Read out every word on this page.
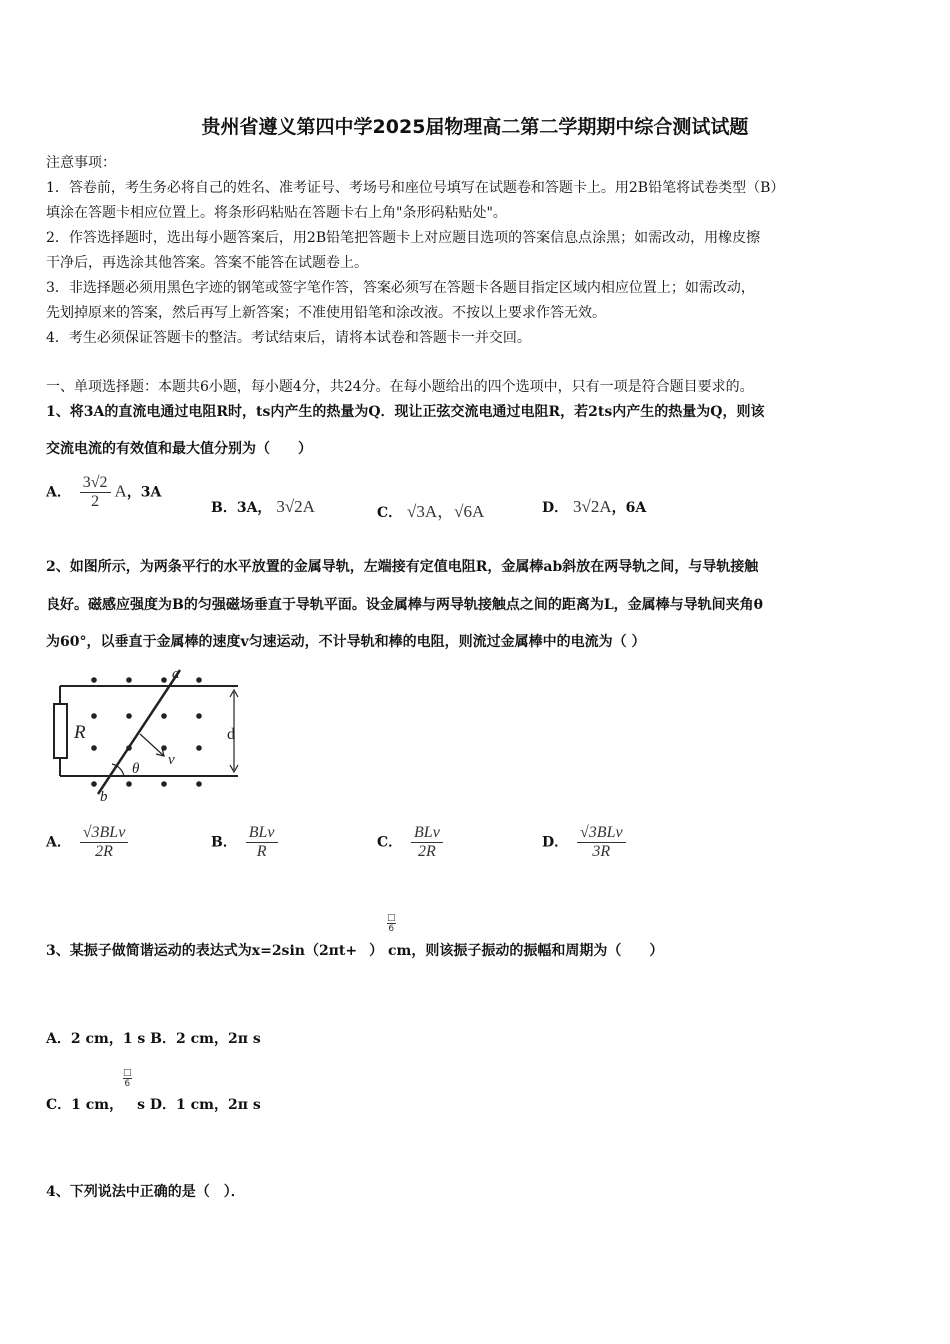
贵州省遵义第四中学2025届物理高二第二学期期中综合测试试题
注意事项：
1．答卷前，考生务必将自己的姓名、准考证号、考场号和座位号填写在试题卷和答题卡上。用2B铅笔将试卷类型（B）
填涂在答题卡相应位置上。将条形码粘贴在答题卡右上角"条形码粘贴处"。
2．作答选择题时，选出每小题答案后，用2B铅笔把答题卡上对应题目选项的答案信息点涂黑；如需改动，用橡皮擦
干净后，再选涂其他答案。答案不能答在试题卷上。
3．非选择题必须用黑色字迹的钢笔或签字笔作答，答案必须写在答题卡各题目指定区域内相应位置上；如需改动，
先划掉原来的答案，然后再写上新答案；不准使用铅笔和涂改液。不按以上要求作答无效。
4．考生必须保证答题卡的整洁。考试结束后，请将本试卷和答题卡一并交回。
一、单项选择题：本题共6小题，每小题4分，共24分。在每小题给出的四个选项中，只有一项是符合题目要求的。
1、将3A的直流电通过电阻R时，ts内产生的热量为Q．现让正弦交流电通过电阻R，若2ts内产生的热量为Q，则该
交流电流的有效值和最大值分别为（　　）
A． $\frac{3√2}{2}$ A，3A
B．3A， 3√2A	C． √3A，√6A	D． 3√2A，6A
2、如图所示，为两条平行的水平放置的金属导轨，左端接有定值电阻R，金属棒ab斜放在两导轨之间，与导轨接触
良好。磁感应强度为B的匀强磁场垂直于导轨平面。设金属棒与两导轨接触点之间的距离为L，金属棒与导轨间夹角θ
为60°，以垂直于金属棒的速度v匀速运动，不计导轨和棒的电阻，则流过金属棒中的电流为（ ）
R
a
b
v
θ
d
A． $\frac{\text{√3BLv}}{2R}$	B． $\frac{\text{BLv}}{R}$	C． $\frac{\text{BLv}}{2R}$	D． $\frac{\text{√3BLv}}{3R}$
3、某振子做简谐运动的表达式为x=2sin（2πt+ ） cm，则该振子振动的振幅和周期为（　　）
□
6
A．2 cm，1 s B．2 cm，2π s
C．1 cm， s D．1 cm，2π s
□
6
4、下列说法中正确的是（　）．
